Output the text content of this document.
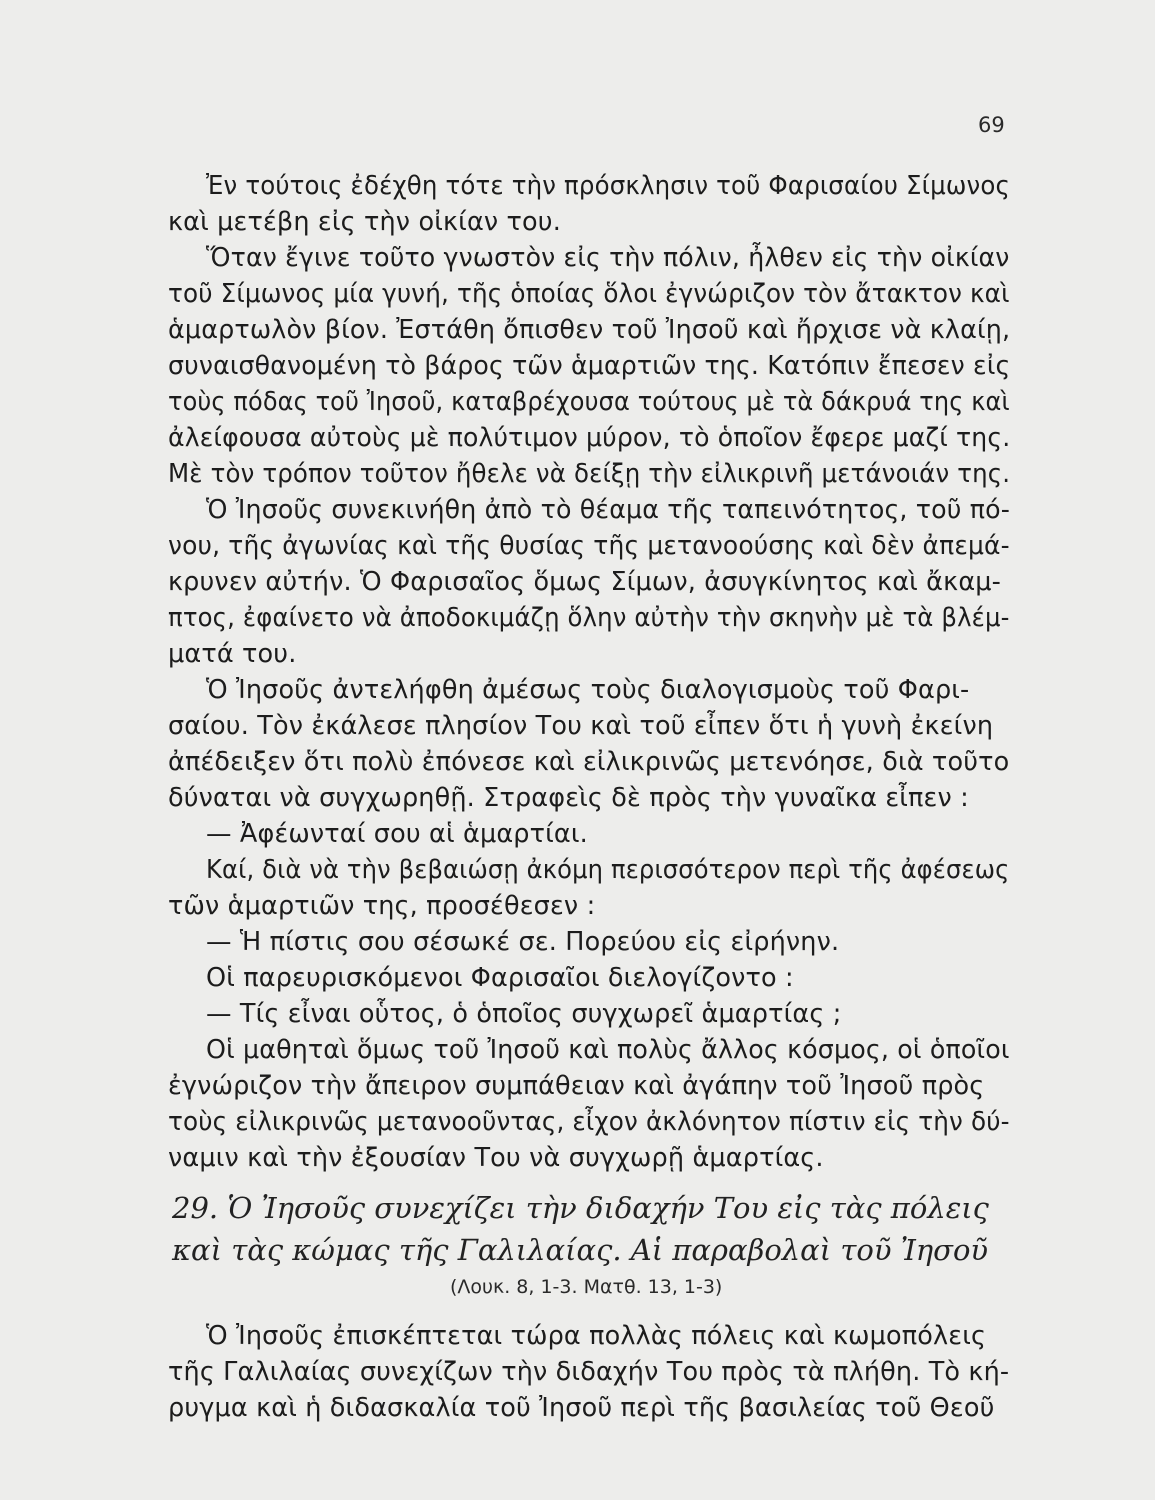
69
Ἐν τούτοις ἐδέχθη τότε τὴν πρόσκλησιν τοῦ Φαρισαίου Σίμωνος
καὶ μετέβη εἰς τὴν οἰκίαν του.
Ὅταν ἔγινε τοῦτο γνωστὸν εἰς τὴν πόλιν, ἦλθεν εἰς τὴν οἰκίαν
τοῦ Σίμωνος μία γυνή, τῆς ὁποίας ὅλοι ἐγνώριζον τὸν ἄτακτον καὶ
ἁμαρτωλὸν βίον. Ἐστάθη ὄπισθεν τοῦ Ἰησοῦ καὶ ἤρχισε νὰ κλαίῃ,
συναισθανομένη τὸ βάρος τῶν ἁμαρτιῶν της. Κατόπιν ἔπεσεν εἰς
τοὺς πόδας τοῦ Ἰησοῦ, καταβρέχουσα τούτους μὲ τὰ δάκρυά της καὶ
ἀλείφουσα αὐτοὺς μὲ πολύτιμον μύρον, τὸ ὁποῖον ἔφερε μαζί της.
Μὲ τὸν τρόπον τοῦτον ἤθελε νὰ δείξῃ τὴν εἰλικρινῆ μετάνοιάν της.
Ὁ Ἰησοῦς συνεκινήθη ἀπὸ τὸ θέαμα τῆς ταπεινότητος, τοῦ πό-
νου, τῆς ἀγωνίας καὶ τῆς θυσίας τῆς μετανοούσης καὶ δὲν ἀπεμά-
κρυνεν αὐτήν. Ὁ Φαρισαῖος ὅμως Σίμων, ἀσυγκίνητος καὶ ἄκαμ-
πτος, ἐφαίνετο νὰ ἀποδοκιμάζῃ ὅλην αὐτὴν τὴν σκηνὴν μὲ τὰ βλέμ-
ματά του.
Ὁ Ἰησοῦς ἀντελήφθη ἀμέσως τοὺς διαλογισμοὺς τοῦ Φαρι-
σαίου. Τὸν ἐκάλεσε πλησίον Του καὶ τοῦ εἶπεν ὅτι ἡ γυνὴ ἐκείνη
ἀπέδειξεν ὅτι πολὺ ἐπόνεσε καὶ εἰλικρινῶς μετενόησε, διὰ τοῦτο
δύναται νὰ συγχωρηθῇ. Στραφεὶς δὲ πρὸς τὴν γυναῖκα εἶπεν :
— Ἀφέωνταί σου αἱ ἁμαρτίαι.
Καί, διὰ νὰ τὴν βεβαιώσῃ ἀκόμη περισσότερον περὶ τῆς ἀφέσεως
τῶν ἁμαρτιῶν της, προσέθεσεν :
— Ἡ πίστις σου σέσωκέ σε. Πορεύου εἰς εἰρήνην.
Οἱ παρευρισκόμενοι Φαρισαῖοι διελογίζοντο :
— Τίς εἶναι οὗτος, ὁ ὁποῖος συγχωρεῖ ἁμαρτίας ;
Οἱ μαθηταὶ ὅμως τοῦ Ἰησοῦ καὶ πολὺς ἄλλος κόσμος, οἱ ὁποῖοι
ἐγνώριζον τὴν ἄπειρον συμπάθειαν καὶ ἀγάπην τοῦ Ἰησοῦ πρὸς
τοὺς εἰλικρινῶς μετανοοῦντας, εἶχον ἀκλόνητον πίστιν εἰς τὴν δύ-
ναμιν καὶ τὴν ἐξουσίαν Του νὰ συγχωρῇ ἁμαρτίας.
29. Ὁ Ἰησοῦς συνεχίζει τὴν διδαχήν Του εἰς τὰς πόλεις
καὶ τὰς κώμας τῆς Γαλιλαίας. Αἱ παραβολαὶ τοῦ Ἰησοῦ
(Λουκ. 8, 1-3. Ματθ. 13, 1-3)
Ὁ Ἰησοῦς ἐπισκέπτεται τώρα πολλὰς πόλεις καὶ κωμοπόλεις
τῆς Γαλιλαίας συνεχίζων τὴν διδαχήν Του πρὸς τὰ πλήθη. Τὸ κή-
ρυγμα καὶ ἡ διδασκαλία τοῦ Ἰησοῦ περὶ τῆς βασιλείας τοῦ Θεοῦ
